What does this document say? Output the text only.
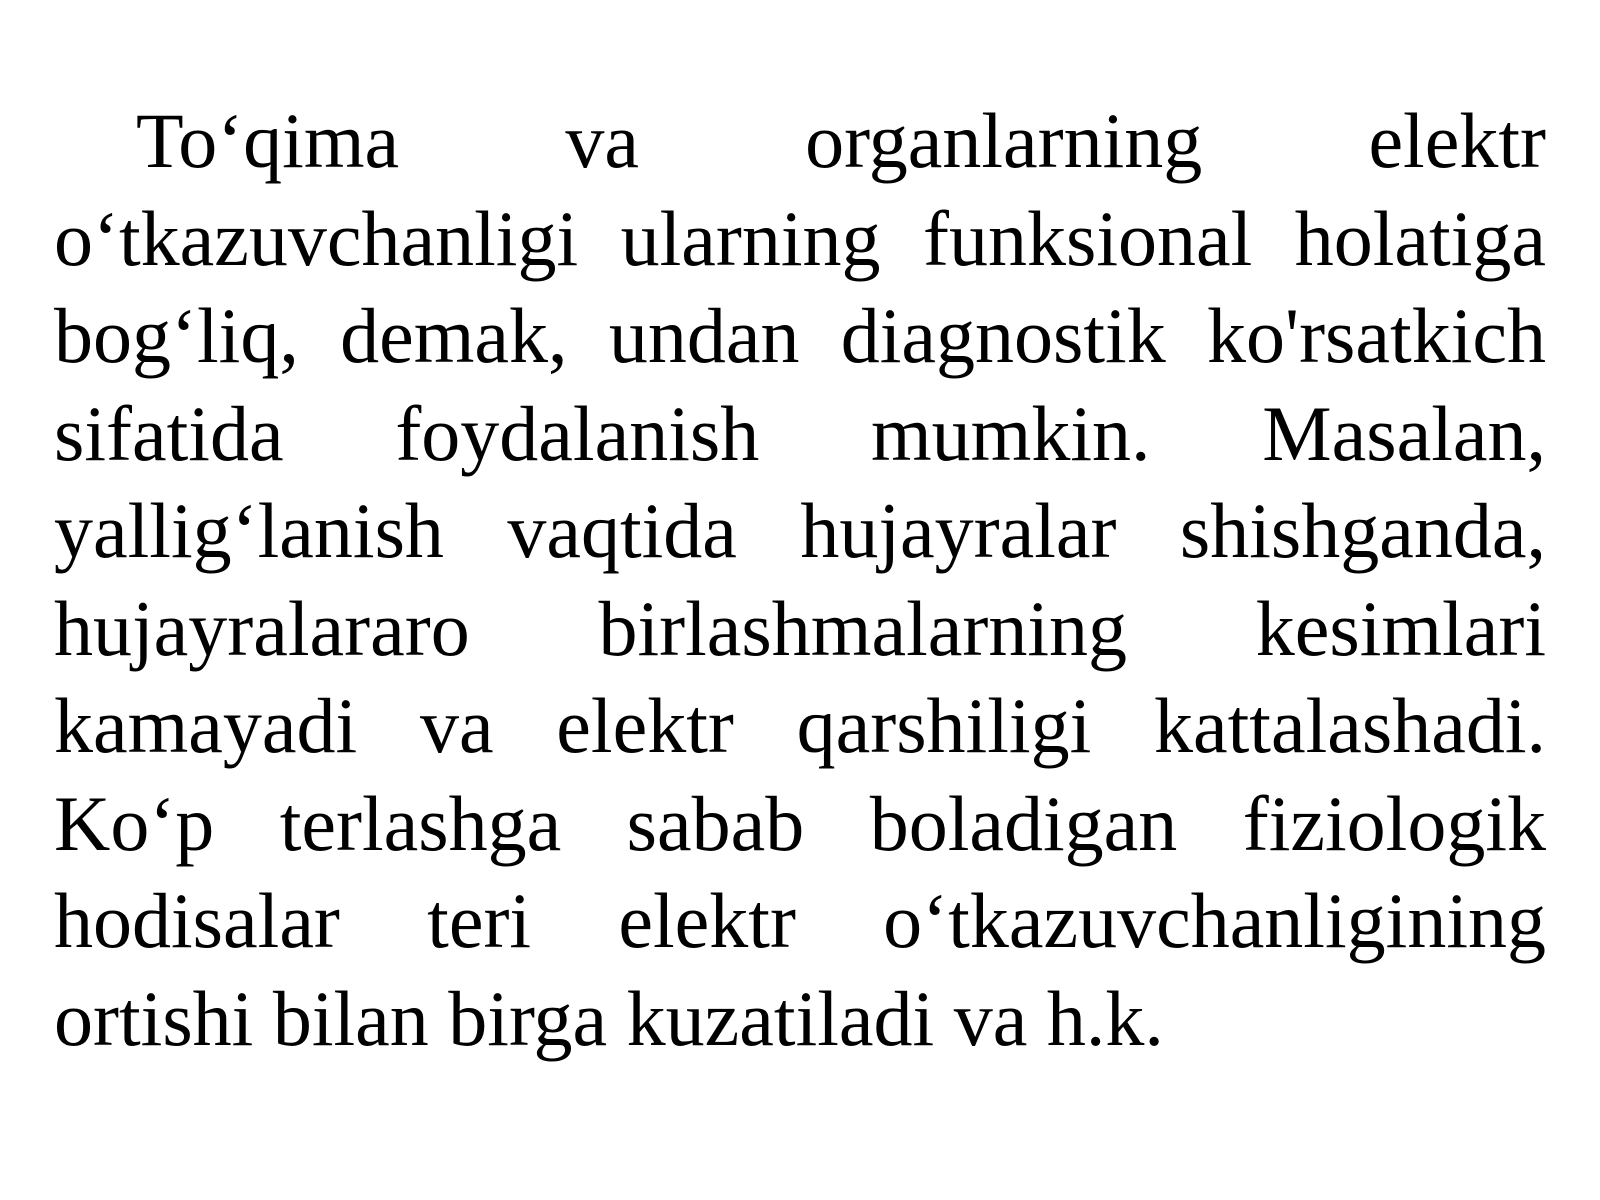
To‘qima va organlarning elektr
o‘tkazuvchanligi ularning funksional holatiga
bog‘liq, demak, undan diagnostik ko'rsatkich
sifatida foydalanish mumkin. Masalan,
yallig‘lanish vaqtida hujayralar shishganda,
hujayralararo birlashmalarning kesimlari
kamayadi va elektr qarshiligi kattalashadi.
Ko‘p terlashga sabab boladigan fiziologik
hodisalar teri elektr o‘tkazuvchanligining
ortishi bilan birga kuzatiladi va h.k.
